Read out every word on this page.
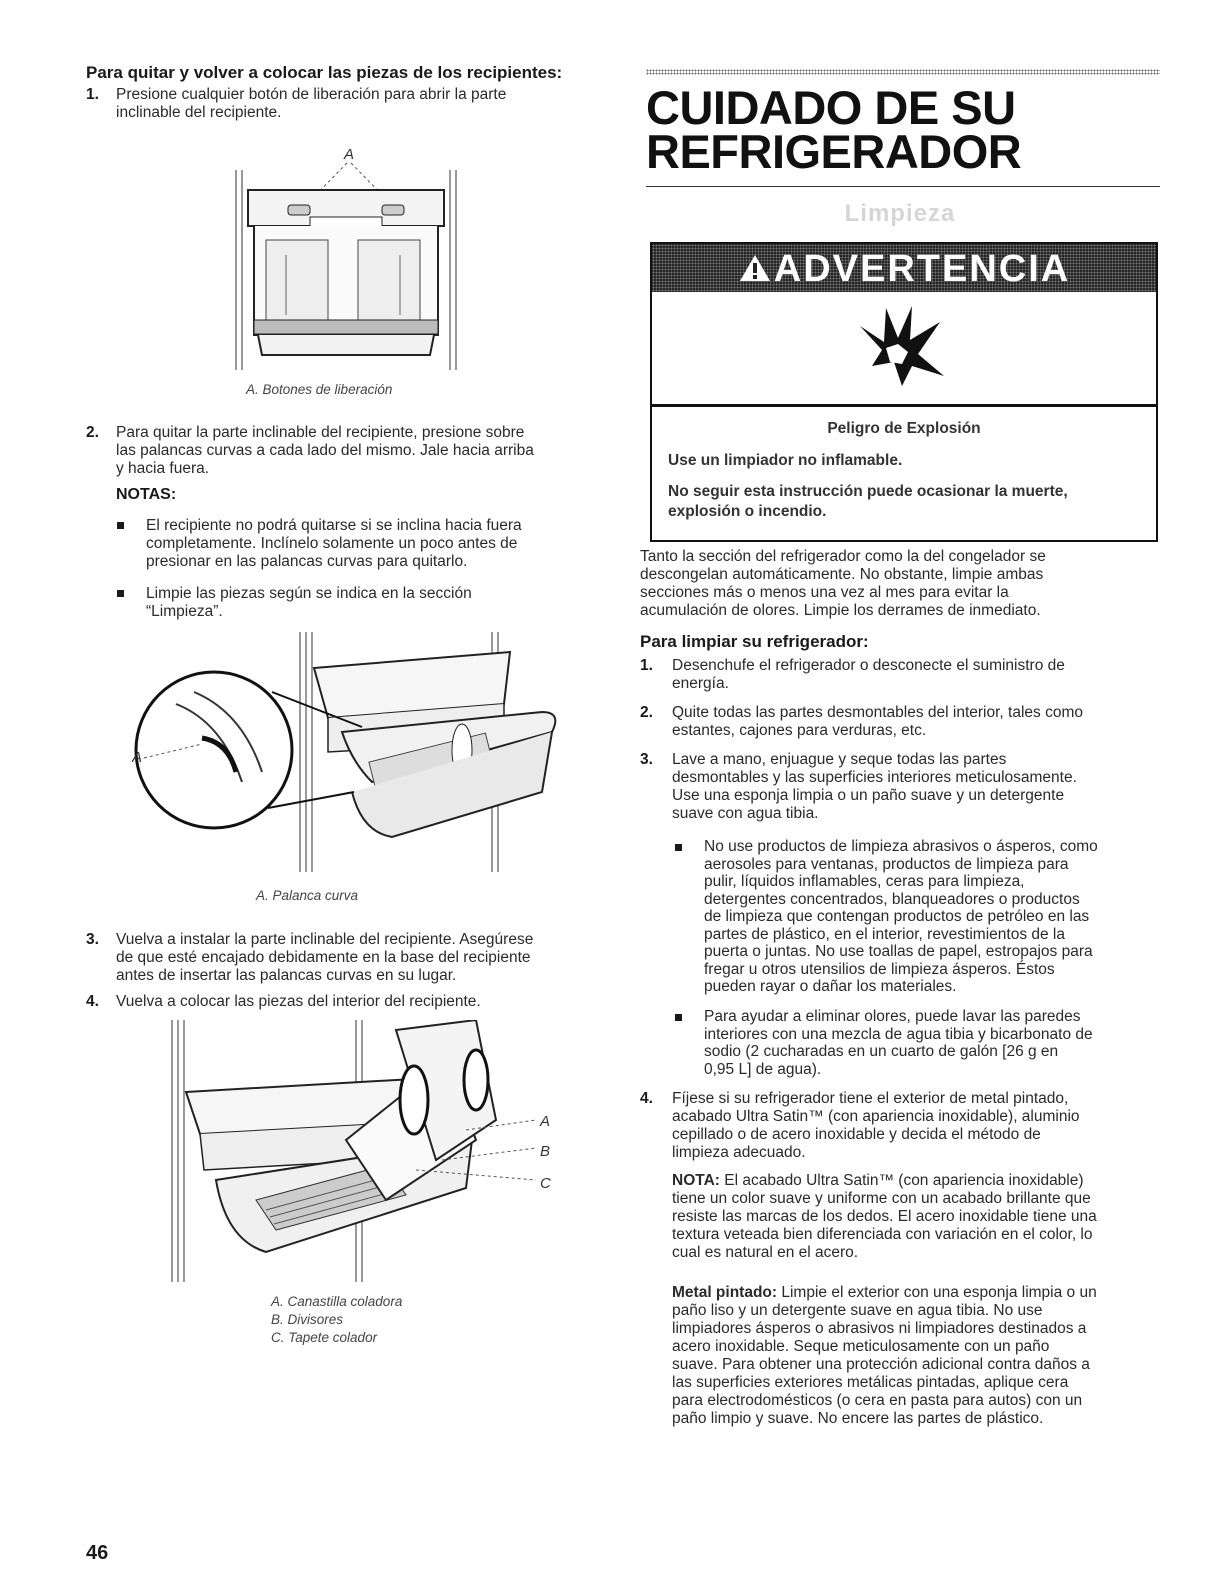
Para quitar y volver a colocar las piezas de los recipientes:
1. Presione cualquier botón de liberación para abrir la parte
inclinable del recipiente.
A
A. Botones de liberación
2. Para quitar la parte inclinable del recipiente, presione sobre
las palancas curvas a cada lado del mismo. Jale hacia arriba
y hacia fuera.
NOTAS:
El recipiente no podrá quitarse si se inclina hacia fuera
completamente. Inclínelo solamente un poco antes de
presionar en las palancas curvas para quitarlo.
Limpie las piezas según se indica en la sección
“Limpieza”.
A
A. Palanca curva
3. Vuelva a instalar la parte inclinable del recipiente. Asegúrese
de que esté encajado debidamente en la base del recipiente
antes de insertar las palancas curvas en su lugar.
4. Vuelva a colocar las piezas del interior del recipiente.
A
B
C
A. Canastilla coladora
B. Divisores
C. Tapete colador
CUIDADO DE SU
REFRIGERADOR
Limpieza
ADVERTENCIA
Peligro de Explosión
Use un limpiador no inflamable.
No seguir esta instrucción puede ocasionar la muerte,
explosión o incendio.
Tanto la sección del refrigerador como la del congelador se
descongelan automáticamente. No obstante, limpie ambas
secciones más o menos una vez al mes para evitar la
acumulación de olores. Limpie los derrames de inmediato.
Para limpiar su refrigerador:
1. Desenchufe el refrigerador o desconecte el suministro de
energía.
2. Quite todas las partes desmontables del interior, tales como
estantes, cajones para verduras, etc.
3. Lave a mano, enjuague y seque todas las partes
desmontables y las superficies interiores meticulosamente.
Use una esponja limpia o un paño suave y un detergente
suave con agua tibia.
No use productos de limpieza abrasivos o ásperos, como
aerosoles para ventanas, productos de limpieza para
pulir, líquidos inflamables, ceras para limpieza,
detergentes concentrados, blanqueadores o productos
de limpieza que contengan productos de petróleo en las
partes de plástico, en el interior, revestimientos de la
puerta o juntas. No use toallas de papel, estropajos para
fregar u otros utensilios de limpieza ásperos. Éstos
pueden rayar o dañar los materiales.
Para ayudar a eliminar olores, puede lavar las paredes
interiores con una mezcla de agua tibia y bicarbonato de
sodio (2 cucharadas en un cuarto de galón [26 g en
0,95 L] de agua).
4. Fíjese si su refrigerador tiene el exterior de metal pintado,
acabado Ultra Satin™ (con apariencia inoxidable), aluminio
cepillado o de acero inoxidable y decida el método de
limpieza adecuado.
NOTA: El acabado Ultra Satin™ (con apariencia inoxidable)
tiene un color suave y uniforme con un acabado brillante que
resiste las marcas de los dedos. El acero inoxidable tiene una
textura veteada bien diferenciada con variación en el color, lo
cual es natural en el acero.
Metal pintado: Limpie el exterior con una esponja limpia o un
paño liso y un detergente suave en agua tibia. No use
limpiadores ásperos o abrasivos ni limpiadores destinados a
acero inoxidable. Seque meticulosamente con un paño
suave. Para obtener una protección adicional contra daños a
las superficies exteriores metálicas pintadas, aplique cera
para electrodomésticos (o cera en pasta para autos) con un
paño limpio y suave. No encere las partes de plástico.
46
